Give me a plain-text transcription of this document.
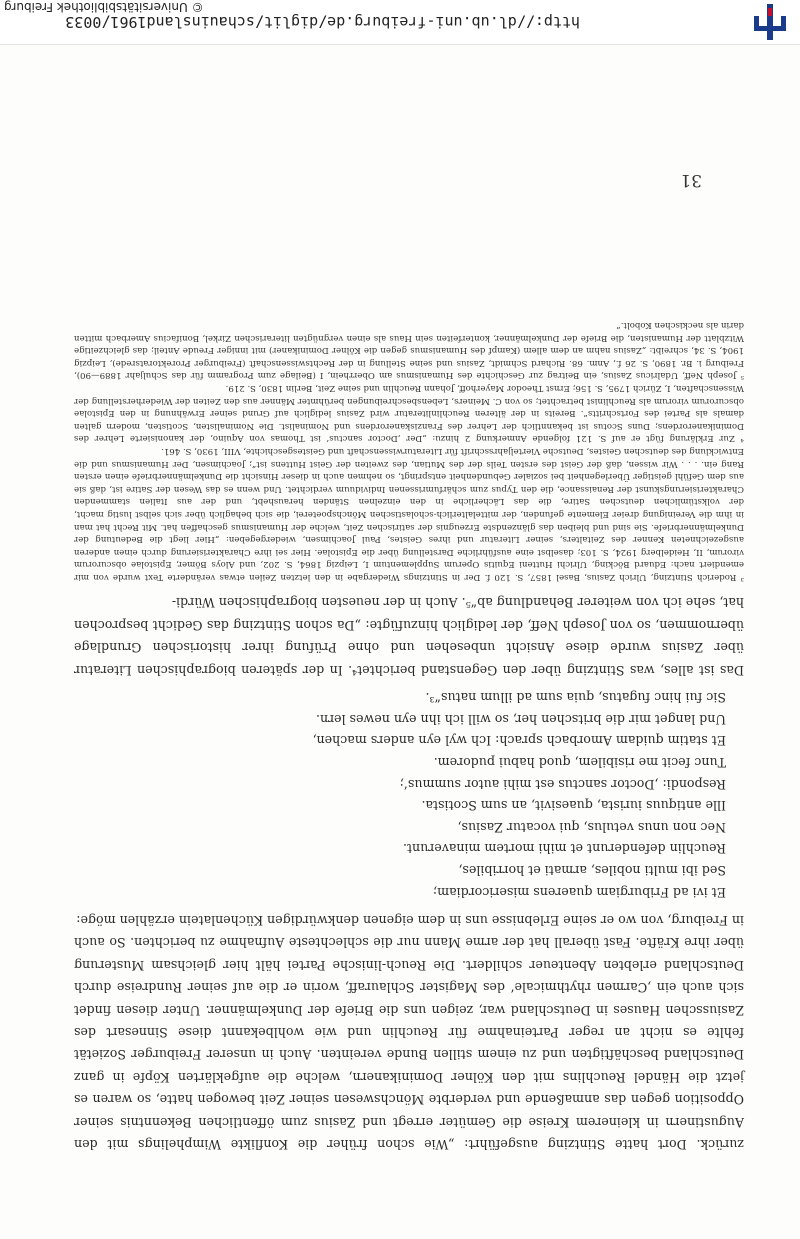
http://dl.ub.uni-freiburg.de/diglit/schauinsland1961/0033
© Universitätsbibliothek Freiburg
31

zurück. Dort hatte Stintzing ausgeführt: „Wie schon früher die Konflikte Wimphelings mit den Augustinern in kleinerem Kreise die Gemüter erregt und Zasius zum öffentlichen Bekenntnis seiner Opposition gegen das anmaßende und verderbte Mönchswesen seiner Zeit bewogen hatte, so waren es jetzt die Händel Reuchlins mit den Kölner Dominikanern, welche die aufgeklärten Köpfe in ganz Deutschland beschäftigten und zu einem stillen Bunde vereinten. Auch in unserer Freiburger Sozietät fehlte es nicht an reger Parteinahme für Reuchlin und wie wohlbekannt diese Sinnesart des Zasiusschen Hauses in Deutschland war, zeigen uns die Briefe der Dunkelmänner. Unter diesen findet sich auch ein ‚Carmen rhythmicale‘ des Magister Schlauraff, worin er die auf seiner Rundreise durch Deutschland erlebten Abenteuer schildert. Die Reuch-linische Partei hält hier gleichsam Musterung über ihre Kräfte. Fast überall hat der arme Mann nur die schlechteste Aufnahme zu berichten. So auch in Freiburg, von wo er seine Erlebnisse uns in dem eigenen denkwürdigen Küchenlatein erzählen möge:

Et ivi ad Friburgiam quaerens misericordiam;
Sed ibi multi nobiles, armati et horribiles,
Reuchlin defenderunt et mihi mortem minaverunt.
Nec non unus vetulus, qui vocatur Zasius,
Ille antiquus iurista, quaesivit, an sum Scotista.
Respondi: ‚Doctor sanctus est mihi autor summus‘;
Tunc fecit me risibilem, quod habui pudorem.
Et statim quidam Amorbach sprach: Ich wyl eyn anders machen,
Und langet mir die britschen her, so will ich ihn eyn newes lern.
Sic fui hinc fugatus, quia sum ad illum natus“³.

Das ist alles, was Stintzing über den Gegenstand berichtet⁴. In der späteren biographischen Literatur über Zasius wurde diese Ansicht unbesehen und ohne Prüfung ihrer historischen Grundlage übernommen, so von Joseph Neff, der lediglich hinzufügte: „Da schon Stintzing das Gedicht besprochen hat, sehe ich von weiterer Behandlung ab“⁵. Auch in der neuesten biographischen Würdi-

³ Roderich Stintzing, Ulrich Zasius, Basel 1857, S. 120 f. Der in Stintzings Wiedergabe in den letzten Zeilen etwas veränderte Text wurde von mir emendiert nach: Eduard Böcking, Ulrichi Hutteni Equitis Operum Supplementum I, Leipzig 1864, S. 202, und Aloys Bömer, Epistolae obscurorum virorum, II, Heidelberg 1924, S. 103; daselbst eine ausführliche Darstellung über die Epistolae. Hier sei ihre Charakterisierung durch einen anderen ausgezeichneten Kenner des Zeitalters, seiner Literatur und ihres Geistes, Paul Joachimsen, wiedergegeben: „Hier liegt die Bedeutung der Dunkelmännerbriefe. Sie sind und bleiben das glänzendste Erzeugnis der satirischen Zeit, welche der Humanismus geschaffen hat. Mit Recht hat man in ihm die Vereinigung dreier Elemente gefunden, der mittelalterlich-scholastischen Mönchspoeterei, die sich behaglich über sich selbst lustig macht, der volkstümlichen deutschen Satire, die das Lächerliche in den einzelnen Ständen heraushebt, und der aus Italien stammenden Charakterisierungskunst der Renaissance, die den Typus zum schärfumrissenen Individuum verdichtet. Und wenn es das Wesen der Satire ist, daß sie aus dem Gefühl geistiger Überlegenheit bei sozialer Gebundenheit entspringt, so nehmen auch in dieser Hinsicht die Dunkelmännerbriefe einen ersten Rang ein. . . . Wir wissen, daß der Geist des ersten Teils der des Mutian, des zweiten der Geist Huttens ist“; Joachimsen, Der Humanismus und die Entwicklung des deutschen Geistes, Deutsche Vierteljahrsschrift für Literaturwissenschaft und Geistesgeschichte, VIII, 1930, S. 461.

⁴ Zur Erklärung fügt er auf S. 121 folgende Anmerkung 2 hinzu: „Der ‚Doctor sanctus‘ ist Thomas von Aquino, der kanonisierte Lehrer des Dominikanerordens; Duns Scotus ist bekanntlich der Lehrer des Franziskanerordens und Nominalist. Die Nominalisten, Scotisten, modern galten damals als Partei des Fortschritts“. Bereits in der älteren Reuchlinliteratur wird Zasius lediglich auf Grund seiner Erwähnung in den Epistolae obscurorum virorum als Reuchlinist betrachtet; so von C. Meiners, Lebensbeschreibungen berühmter Männer aus den Zeiten der Wiederherstellung der Wissenschaften, I, Zürich 1795, S. 156; Ernst Theodor Mayerhoff, Johann Reuchlin und seine Zeit, Berlin 1830, S. 219.

⁵ Joseph Neff, Udalricus Zasius, ein Beitrag zur Geschichte des Humanismus am Oberrhein, I (Beilage zum Programm für das Schuljahr 1889—90), Freiburg i. Br. 1890, S. 26 f., Anm. 68. Richard Schmidt, Zasius und seine Stellung in der Rechtswissenschaft (Freiburger Prorektoratsrede), Leipzig 1904, S. 34, schreibt: „Zasius nahm an dem allem (Kampf des Humanismus gegen die Kölner Dominikaner) mit inniger Freude Anteil; das gleichzeitige Witzblatt der Humanisten, die Briefe der Dunkelmänner, konterfeiten sein Haus als einen vergnügten literarischen Zirkel, Bonifacius Amerbach mitten darin als neckischen Kobolt.“
